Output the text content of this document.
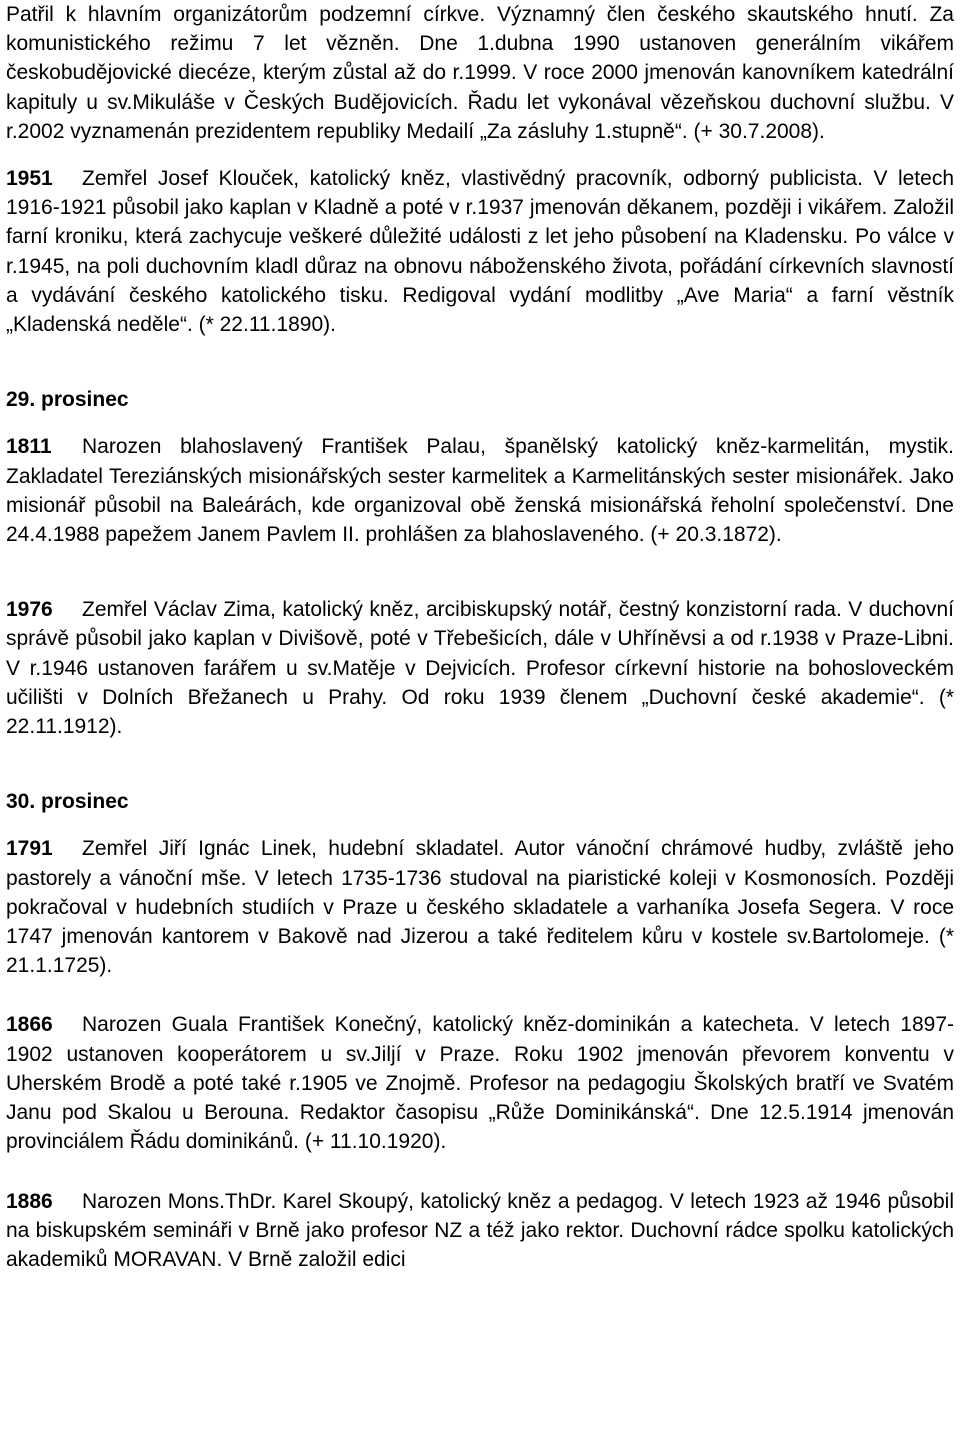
Patřil k hlavním organizátorům podzemní církve. Významný člen českého skautského hnutí. Za komunistického režimu 7 let vězněn. Dne 1.dubna 1990 ustanoven generálním vikářem českobudějovické diecéze, kterým zůstal až do r.1999. V roce 2000 jmenován kanovníkem katedrální kapituly u sv.Mikuláše v Českých Budějovicích. Řadu let vykonával vězeňskou duchovní službu. V r.2002 vyznamenán prezidentem republiky Medailí „Za zásluhy 1.stupně“. (+ 30.7.2008).

1951 Zemřel Josef Klouček, katolický kněz, vlastivědný pracovník, odborný publicista. V letech 1916-1921 působil jako kaplan v Kladně a poté v r.1937 jmenován děkanem, později i vikářem. Založil farní kroniku, která zachycuje veškeré důležité události z let jeho působení na Kladensku. Po válce v r.1945, na poli duchovním kladl důraz na obnovu náboženského života, pořádání církevních slavností a vydávání českého katolického tisku. Redigoval vydání modlitby „Ave Maria“ a farní věstník „Kladenská neděle“. (* 22.11.1890).

29. prosinec

1811 Narozen blahoslavený František Palau, španělský katolický kněz-karmelitán, mystik. Zakladatel Tereziánských misionářských sester karmelitek a Karmelitánských sester misionářek. Jako misionář působil na Baleárách, kde organizoval obě ženská misionářská řeholní společenství. Dne 24.4.1988 papežem Janem Pavlem II. prohlášen za blahoslaveného. (+ 20.3.1872).

1976 Zemřel Václav Zima, katolický kněz, arcibiskupský notář, čestný konzistorní rada. V duchovní správě působil jako kaplan v Divišově, poté v Třebešicích, dále v Uhříněvsi a od r.1938 v Praze-Libni. V r.1946 ustanoven farářem u sv.Matěje v Dejvicích. Profesor církevní historie na bohosloveckém učilišti v Dolních Břežanech u Prahy. Od roku 1939 členem „Duchovní české akademie“. (* 22.11.1912).

30. prosinec

1791 Zemřel Jiří Ignác Linek, hudební skladatel. Autor vánoční chrámové hudby, zvláště jeho pastorely a vánoční mše. V letech 1735-1736 studoval na piaristické koleji v Kosmonosích. Později pokračoval v hudebních studiích v Praze u českého skladatele a varhaníka Josefa Segera. V roce 1747 jmenován kantorem v Bakově nad Jizerou a také ředitelem kůru v kostele sv.Bartolomeje. (* 21.1.1725).

1866 Narozen Guala František Konečný, katolický kněz-dominikán a katecheta. V letech 1897-1902 ustanoven kooperátorem u sv.Jiljí v Praze. Roku 1902 jmenován převorem konventu v Uherském Brodě a poté také r.1905 ve Znojmě. Profesor na pedagogiu Školských bratří ve Svatém Janu pod Skalou u Berouna. Redaktor časopisu „Růže Dominikánská“. Dne 12.5.1914 jmenován provinciálem Řádu dominikánů. (+ 11.10.1920).

1886 Narozen Mons.ThDr. Karel Skoupý, katolický kněz a pedagog. V letech 1923 až 1946 působil na biskupském semináři v Brně jako profesor NZ a též jako rektor. Duchovní rádce spolku katolických akademiků MORAVAN. V Brně založil edici
